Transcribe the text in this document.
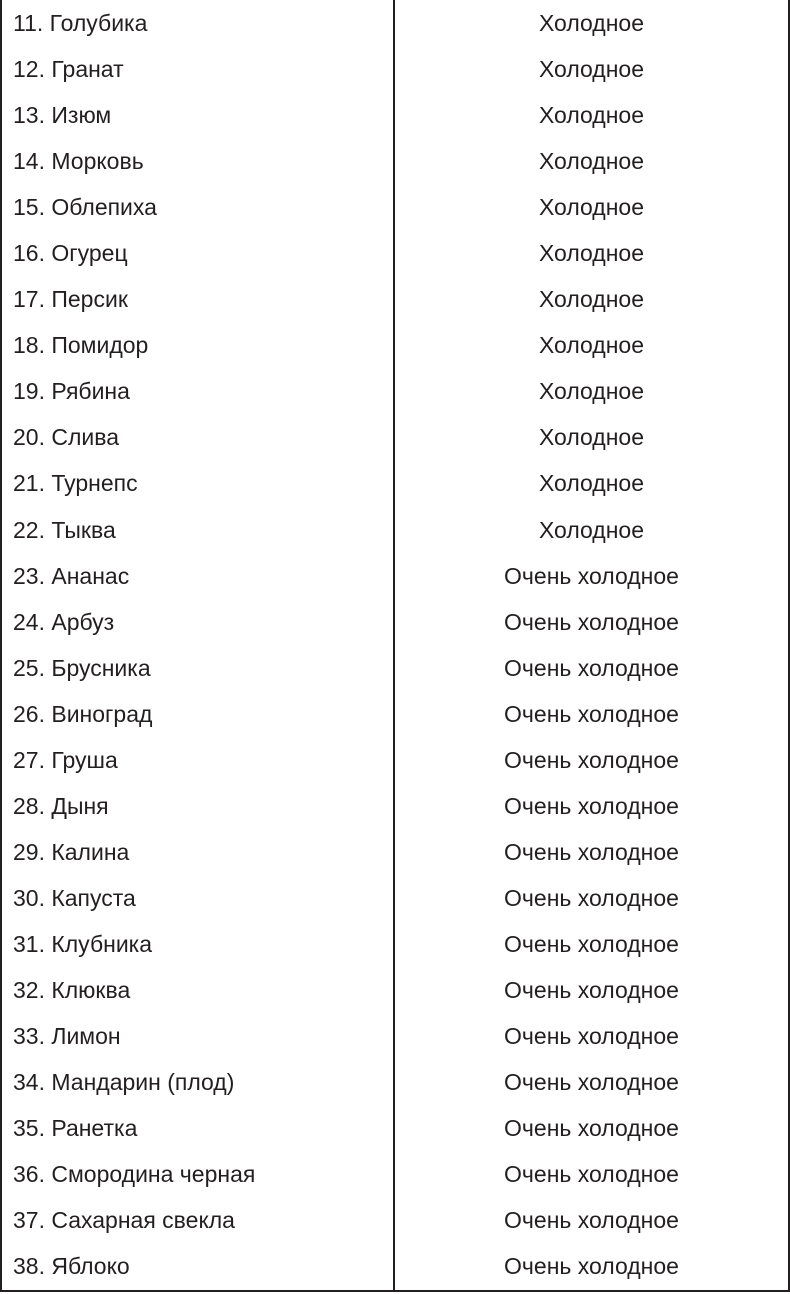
11. Голубика	Холодное
12. Гранат	Холодное
13. Изюм	Холодное
14. Морковь	Холодное
15. Облепиха	Холодное
16. Огурец	Холодное
17. Персик	Холодное
18. Помидор	Холодное
19. Рябина	Холодное
20. Слива	Холодное
21. Турнепс	Холодное
22. Тыква	Холодное
23. Ананас	Очень холодное
24. Арбуз	Очень холодное
25. Брусника	Очень холодное
26. Виноград	Очень холодное
27. Груша	Очень холодное
28. Дыня	Очень холодное
29. Калина	Очень холодное
30. Капуста	Очень холодное
31. Клубника	Очень холодное
32. Клюква	Очень холодное
33. Лимон	Очень холодное
34. Мандарин (плод)	Очень холодное
35. Ранетка	Очень холодное
36. Смородина черная	Очень холодное
37. Сахарная свекла	Очень холодное
38. Яблоко	Очень холодное
